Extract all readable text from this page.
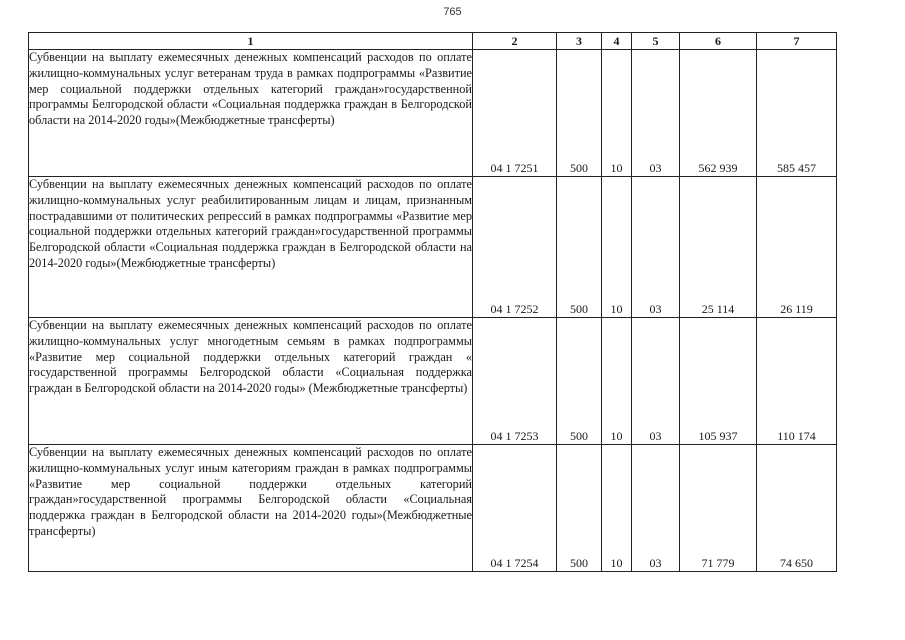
765
1	2	3	4	5	6	7
Субвенции на выплату ежемесячных денежных компенсаций расходов по оплате жилищно-коммунальных услуг ветеранам труда в рамках подпрограммы «Развитие мер социальной поддержки отдельных категорий граждан»государственной программы Белгородской области «Социальная поддержка граждан в Белгородской области на 2014-2020 годы»(Межбюджетные трансферты)	04 1 7251	500	10	03	562 939	585 457
Субвенции на выплату ежемесячных денежных компенсаций расходов по оплате жилищно-коммунальных услуг реабилитированным лицам и лицам, признанным пострадавшими от политических репрессий в рамках подпрограммы «Развитие мер социальной поддержки отдельных категорий граждан»государственной программы Белгородской области «Социальная поддержка граждан в Белгородской области на 2014-2020 годы»(Межбюджетные трансферты)	04 1 7252	500	10	03	25 114	26 119
Субвенции на выплату ежемесячных денежных компенсаций расходов по оплате жилищно-коммунальных услуг многодетным семьям в рамках подпрограммы «Развитие мер социальной поддержки отдельных категорий граждан « государственной программы Белгородской области «Социальная поддержка граждан в Белгородской области на 2014-2020 годы» (Межбюджетные трансферты)	04 1 7253	500	10	03	105 937	110 174
Субвенции на выплату ежемесячных денежных компенсаций расходов по оплате жилищно-коммунальных услуг иным категориям граждан в рамках подпрограммы «Развитие мер социальной поддержки отдельных категорий граждан»государственной программы Белгородской области «Социальная поддержка граждан в Белгородской области на 2014-2020 годы»(Межбюджетные трансферты)	04 1 7254	500	10	03	71 779	74 650
